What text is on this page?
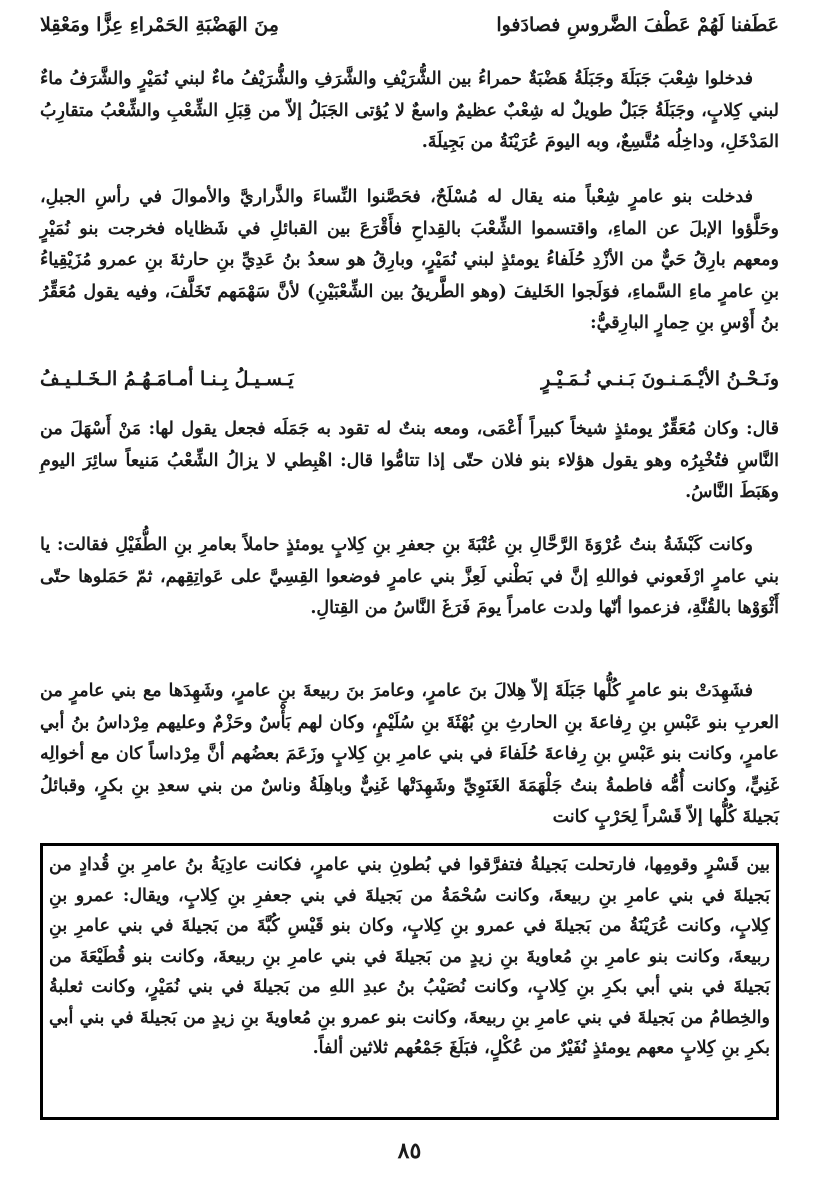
عَطَفنا لَهُمْ عَطْفَ الضَّروسِ فصادَفوا
مِنَ الهَضْبَةِ الحَمْراءِ عِزًّا ومَعْقِلا

فدخلوا شِعْبَ جَبَلَةَ وجَبَلَةُ هَضْبَةٌ حمراءُ بين الشُّرَيْفِ والشَّرَفِ والشُّرَيْفُ ماءٌ لبني نُمَيْرٍ والشَّرَفُ ماءٌ لبني كِلابٍ، وجَبَلَةُ جَبَلٌ طويلٌ له شِعْبٌ عظيمٌ واسعٌ لا يُؤتى الجَبَلُ إلاّ من قِبَلِ الشِّعْبِ والشِّعْبُ متقارِبُ المَدْخَلِ، وداخِلُه مُتَّسِعٌ، وبه اليومَ عُرَيْنَةُ من بَجِيلَةَ.

فدخلت بنو عامرٍ شِعْباً منه يقال له مُسْلَحٌ، فحَصَّنوا النِّساءَ والذَّراريَّ والأموالَ في رأسِ الجبلِ، وحَلَّؤوا الإبلَ عن الماءِ، واقتسموا الشِّعْبَ بالقِداحِ فأَقْرَعَ بين القبائلِ في شَظاياه فخرجت بنو نُمَيْرٍ ومعهم بارِقُ حَيٌّ من الأزْدِ حُلَفاءُ يومئذٍ لبني نُمَيْرٍ، وبارِقُ هو سعدُ بنُ عَدِيِّ بنِ حارثةَ بنِ عمرو مُزَيْقِياءُ بنِ عامرٍ ماءِ السَّماءِ، فوَلَجوا الخَليفَ (وهو الطَّريقُ بين الشِّعْبَيْنِ) لأنَّ سَهْمَهم تَخَلَّفَ، وفيه يقول مُعَقِّرُ بنُ أَوْسِ بنِ حِمارٍ البارِقيُّ:

ونَـحْـنُ الأيْـمَـنـونَ بَـنـي نُـمَـيْـرٍ
يَـسـيـلُ بِـنـا أمـامَـهُـمُ الـخَـلـيـفُ

قال: وكان مُعَقِّرٌ يومئذٍ شيخاً كبيراً أَعْمَى، ومعه بنتٌ له تقود به جَمَلَه فجعل يقول لها: مَنْ أَسْهَلَ من النَّاسِ فتُخْبِرُه وهو يقول هؤلاء بنو فلان حتّى إذا تتامُّوا قال: اهْبِطي لا يزالُ الشِّعْبُ مَنيعاً سائِرَ اليومِ وهَبَطَ النَّاسُ.

وكانت كَبْشَةُ بنتُ عُرْوَةَ الرَّحَّالِ بنِ عُتْبَةَ بنِ جعفرِ بنِ كِلابٍ يومئذٍ حاملاً بعامرِ بنِ الطُّفَيْلِ فقالت: يا بني عامرٍ ارْفَعوني فواللهِ إنَّ في بَطْني لَعِزَّ بني عامرٍ فوضعوا القِسِيَّ على عَواتِقِهم، ثمّ حَمَلوها حتّى أَثْوَوْها بالقُنَّةِ، فزعموا أنّها ولدت عامراً يومَ فَرَغَ النَّاسُ من القِتالِ.

فشَهِدَتْ بنو عامرٍ كُلُّها جَبَلَةَ إلاّ هِلالَ بنَ عامرٍ، وعامرَ بنَ ربيعةَ بنِ عامرٍ، وشَهِدَها مع بني عامرٍ من العربِ بنو عَبْسِ بنِ رِفاعةَ بنِ الحارثِ بنِ بُهْثَةَ بنِ سُلَيْمٍ، وكان لهم بَأْسٌ وحَزْمٌ وعليهم مِرْداسُ بنُ أبي عامرٍ، وكانت بنو عَبْسِ بنِ رِفاعةَ حُلَفاءَ في بني عامرِ بنِ كِلابٍ وزَعَمَ بعضُهم أنَّ مِرْداساً كان مع أخوالِه غَنِيٍّ، وكانت أُمُّه فاطمةُ بنتُ جَلْهَمَةَ الغَنَوِيِّ وشَهِدَتْها غَنِيٌّ وباهِلَةُ وناسٌ من بني سعدِ بنِ بكرٍ، وقبائلُ بَجيلةَ كُلُّها إلاّ قَسْراً لِحَرْبٍ كانت

بين قَسْرٍ وقومِها، فارتحلت بَجيلةُ فتفرَّقوا في بُطونِ بني عامرٍ، فكانت عادِيَةُ بنُ عامرِ بنِ قُدادٍ من بَجيلةَ في بني عامرِ بنِ ربيعةَ، وكانت سُحْمَةُ من بَجيلةَ في بني جعفرِ بنِ كِلابٍ، ويقال: عمرو بنِ كِلابٍ، وكانت عُرَيْنَةُ من بَجيلةَ في عمرو بنِ كِلابٍ، وكان بنو قَيْسِ كُبَّةَ من بَجيلةَ في بني عامرِ بنِ ربيعةَ، وكانت بنو عامرِ بنِ مُعاويةَ بنِ زيدٍ من بَجيلةَ في بني عامرِ بنِ ربيعةَ، وكانت بنو قُطَيْعَةَ من بَجيلةَ في بني أبي بكرِ بنِ كِلابٍ، وكانت نُصَيْبُ بنُ عبدِ اللهِ من بَجيلةَ في بني نُمَيْرٍ، وكانت ثعلبةُ والخِطامُ من بَجيلةَ في بني عامرِ بنِ ربيعةَ، وكانت بنو عمرو بنِ مُعاويةَ بنِ زيدٍ من بَجيلةَ في بني أبي بكرِ بنِ كِلابٍ معهم يومئذٍ نُفَيْرٌ من عُكْلٍ، فبَلَغَ جَمْعُهم ثلاثين ألفاً.

٨٥
